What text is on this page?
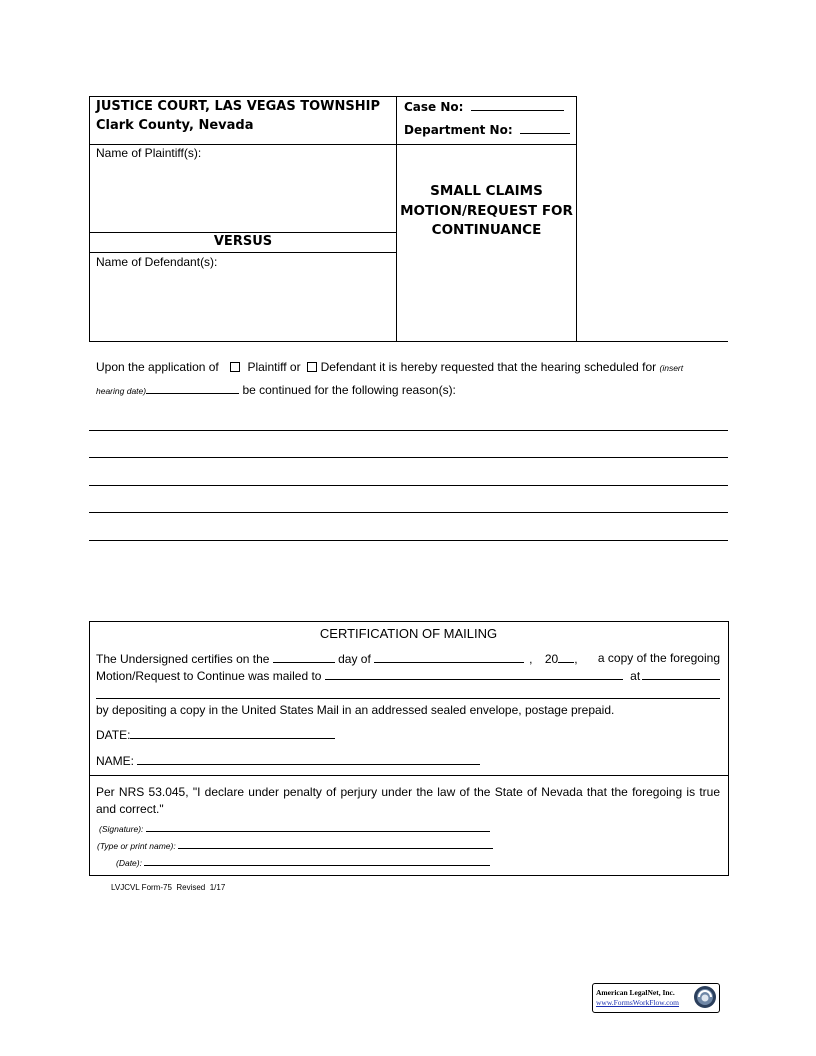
JUSTICE COURT, LAS VEGAS TOWNSHIP
Clark County, Nevada
Case No:
Department No:
Name of Plaintiff(s):
VERSUS
Name of Defendant(s):
SMALL CLAIMS
MOTION/REQUEST FOR
CONTINUANCE
Upon the application of Plaintiff or Defendant it is hereby requested that the hearing scheduled for (insert
hearing date)	be continued for the following reason(s):
CERTIFICATION OF MAILING
The Undersigned certifies on the	day of	, 20 , a copy of the foregoing
Motion/Request to Continue was mailed to	at
by depositing a copy in the United States Mail in an addressed sealed envelope, postage prepaid.
DATE:
NAME:
Per NRS 53.045, "I declare under penalty of perjury under the law of the State of Nevada that the foregoing is true and correct."
(Signature):
(Type or print name):
(Date):
LVJCVL Form-75  Revised  1/17
American LegalNet, Inc.
www.FormsWorkFlow.com
